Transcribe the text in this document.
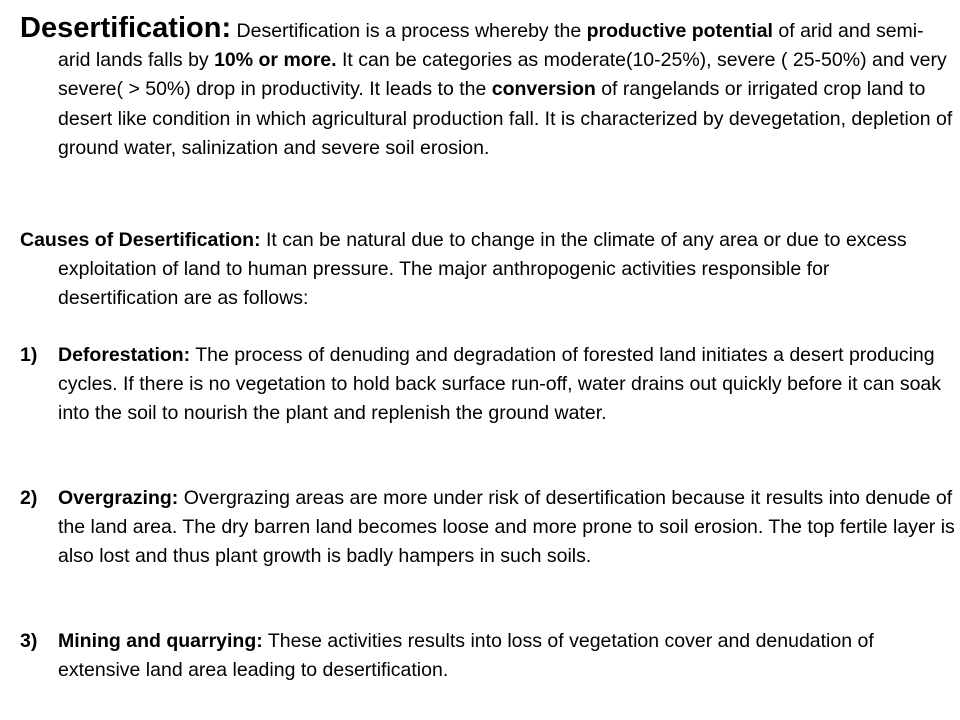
Desertification: Desertification is a process whereby the productive potential of arid and semi-arid lands falls by 10% or more. It can be categories as moderate(10-25%), severe ( 25-50%) and very severe( > 50%) drop in productivity. It leads to the conversion of rangelands or irrigated crop land to desert like condition in which agricultural production fall. It is characterized by devegetation, depletion of ground water, salinization and severe soil erosion.
Causes of Desertification: It can be natural due to change in the climate of any area or due to excess exploitation of land to human pressure. The major anthropogenic activities responsible for desertification are as follows:
1) Deforestation: The process of denuding and degradation of forested land initiates a desert producing cycles. If there is no vegetation to hold back surface run-off, water drains out quickly before it can soak into the soil to nourish the plant and replenish the ground water.
2) Overgrazing: Overgrazing areas are more under risk of desertification because it results into denude of the land area. The dry barren land becomes loose and more prone to soil erosion. The top fertile layer is also lost and thus plant growth is badly hampers in such soils.
3) Mining and quarrying: These activities results into loss of vegetation cover and denudation of extensive land area leading to desertification.
